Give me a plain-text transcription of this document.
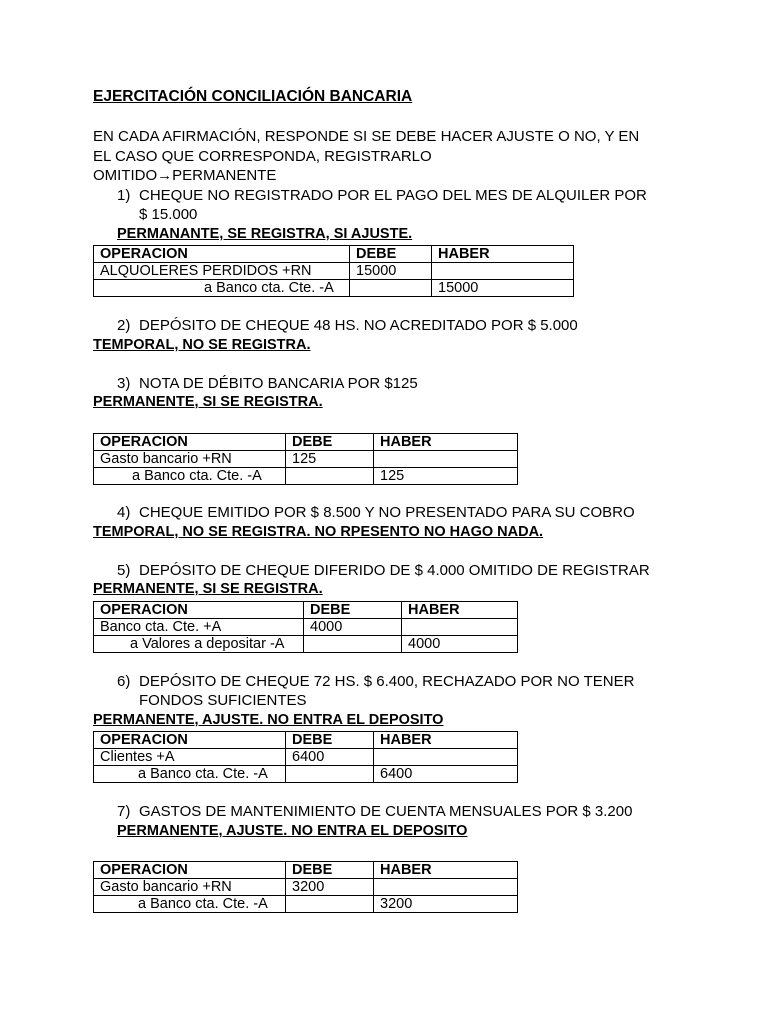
EJERCITACIÓN CONCILIACIÓN BANCARIA
EN CADA AFIRMACIÓN, RESPONDE SI SE DEBE HACER AJUSTE O NO, Y EN
EL CASO QUE CORRESPONDA, REGISTRARLO
OMITIDO→PERMANENTE
1) CHEQUE NO REGISTRADO POR EL PAGO DEL MES DE ALQUILER POR
$ 15.000
PERMANANTE, SE REGISTRA, SI AJUSTE.
OPERACION	DEBE	HABER
ALQUOLERES PERDIDOS +RN	15000	
a Banco cta. Cte. -A		15000
2) DEPÓSITO DE CHEQUE 48 HS. NO ACREDITADO POR $ 5.000
TEMPORAL, NO SE REGISTRA.
3) NOTA DE DÉBITO BANCARIA POR $125
PERMANENTE, SI SE REGISTRA.
OPERACION	DEBE	HABER
Gasto bancario +RN	125	
a Banco cta. Cte. -A		125
4) CHEQUE EMITIDO POR $ 8.500 Y NO PRESENTADO PARA SU COBRO
TEMPORAL, NO SE REGISTRA. NO RPESENTO NO HAGO NADA.
5) DEPÓSITO DE CHEQUE DIFERIDO DE $ 4.000 OMITIDO DE REGISTRAR
PERMANENTE, SI SE REGISTRA.
OPERACION	DEBE	HABER
Banco cta. Cte. +A	4000	
a Valores a depositar -A		4000
6) DEPÓSITO DE CHEQUE 72 HS. $ 6.400, RECHAZADO POR NO TENER
FONDOS SUFICIENTES
PERMANENTE, AJUSTE. NO ENTRA EL DEPOSITO
OPERACION	DEBE	HABER
Clientes +A	6400	
a Banco cta. Cte. -A		6400
7) GASTOS DE MANTENIMIENTO DE CUENTA MENSUALES POR $ 3.200
PERMANENTE, AJUSTE. NO ENTRA EL DEPOSITO
OPERACION	DEBE	HABER
Gasto bancario +RN	3200	
a Banco cta. Cte. -A		3200
